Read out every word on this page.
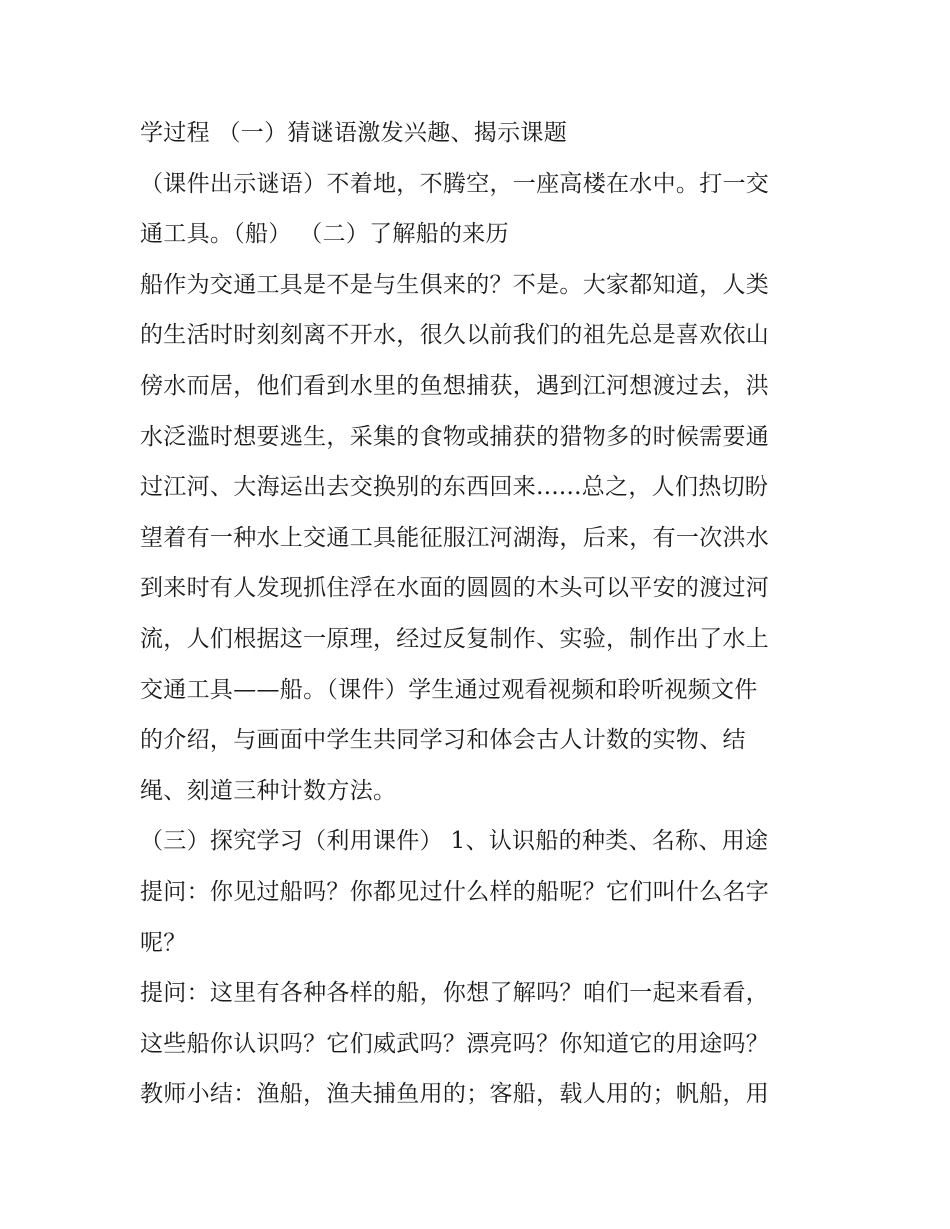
学过程 （一）猜谜语激发兴趣、揭示课题
（课件出示谜语）不着地，不腾空，一座高楼在水中。打一交
通工具。（船） （二）了解船的来历
船作为交通工具是不是与生俱来的？不是。大家都知道，人类
的生活时时刻刻离不开水，很久以前我们的祖先总是喜欢依山
傍水而居，他们看到水里的鱼想捕获，遇到江河想渡过去，洪
水泛滥时想要逃生，采集的食物或捕获的猎物多的时候需要通
过江河、大海运出去交换别的东西回来......总之，人们热切盼
望着有一种水上交通工具能征服江河湖海，后来，有一次洪水
到来时有人发现抓住浮在水面的圆圆的木头可以平安的渡过河
流，人们根据这一原理，经过反复制作、实验，制作出了水上
交通工具——船。（课件）学生通过观看视频和聆听视频文件
的介绍，与画面中学生共同学习和体会古人计数的实物、结
绳、刻道三种计数方法。
（三）探究学习（利用课件） 1、认识船的种类、名称、用途
提问：你见过船吗？你都见过什么样的船呢？它们叫什么名字
呢？
提问：这里有各种各样的船，你想了解吗？咱们一起来看看，
这些船你认识吗？它们威武吗？漂亮吗？你知道它的用途吗？
教师小结：渔船，渔夫捕鱼用的；客船，载人用的；帆船，用
